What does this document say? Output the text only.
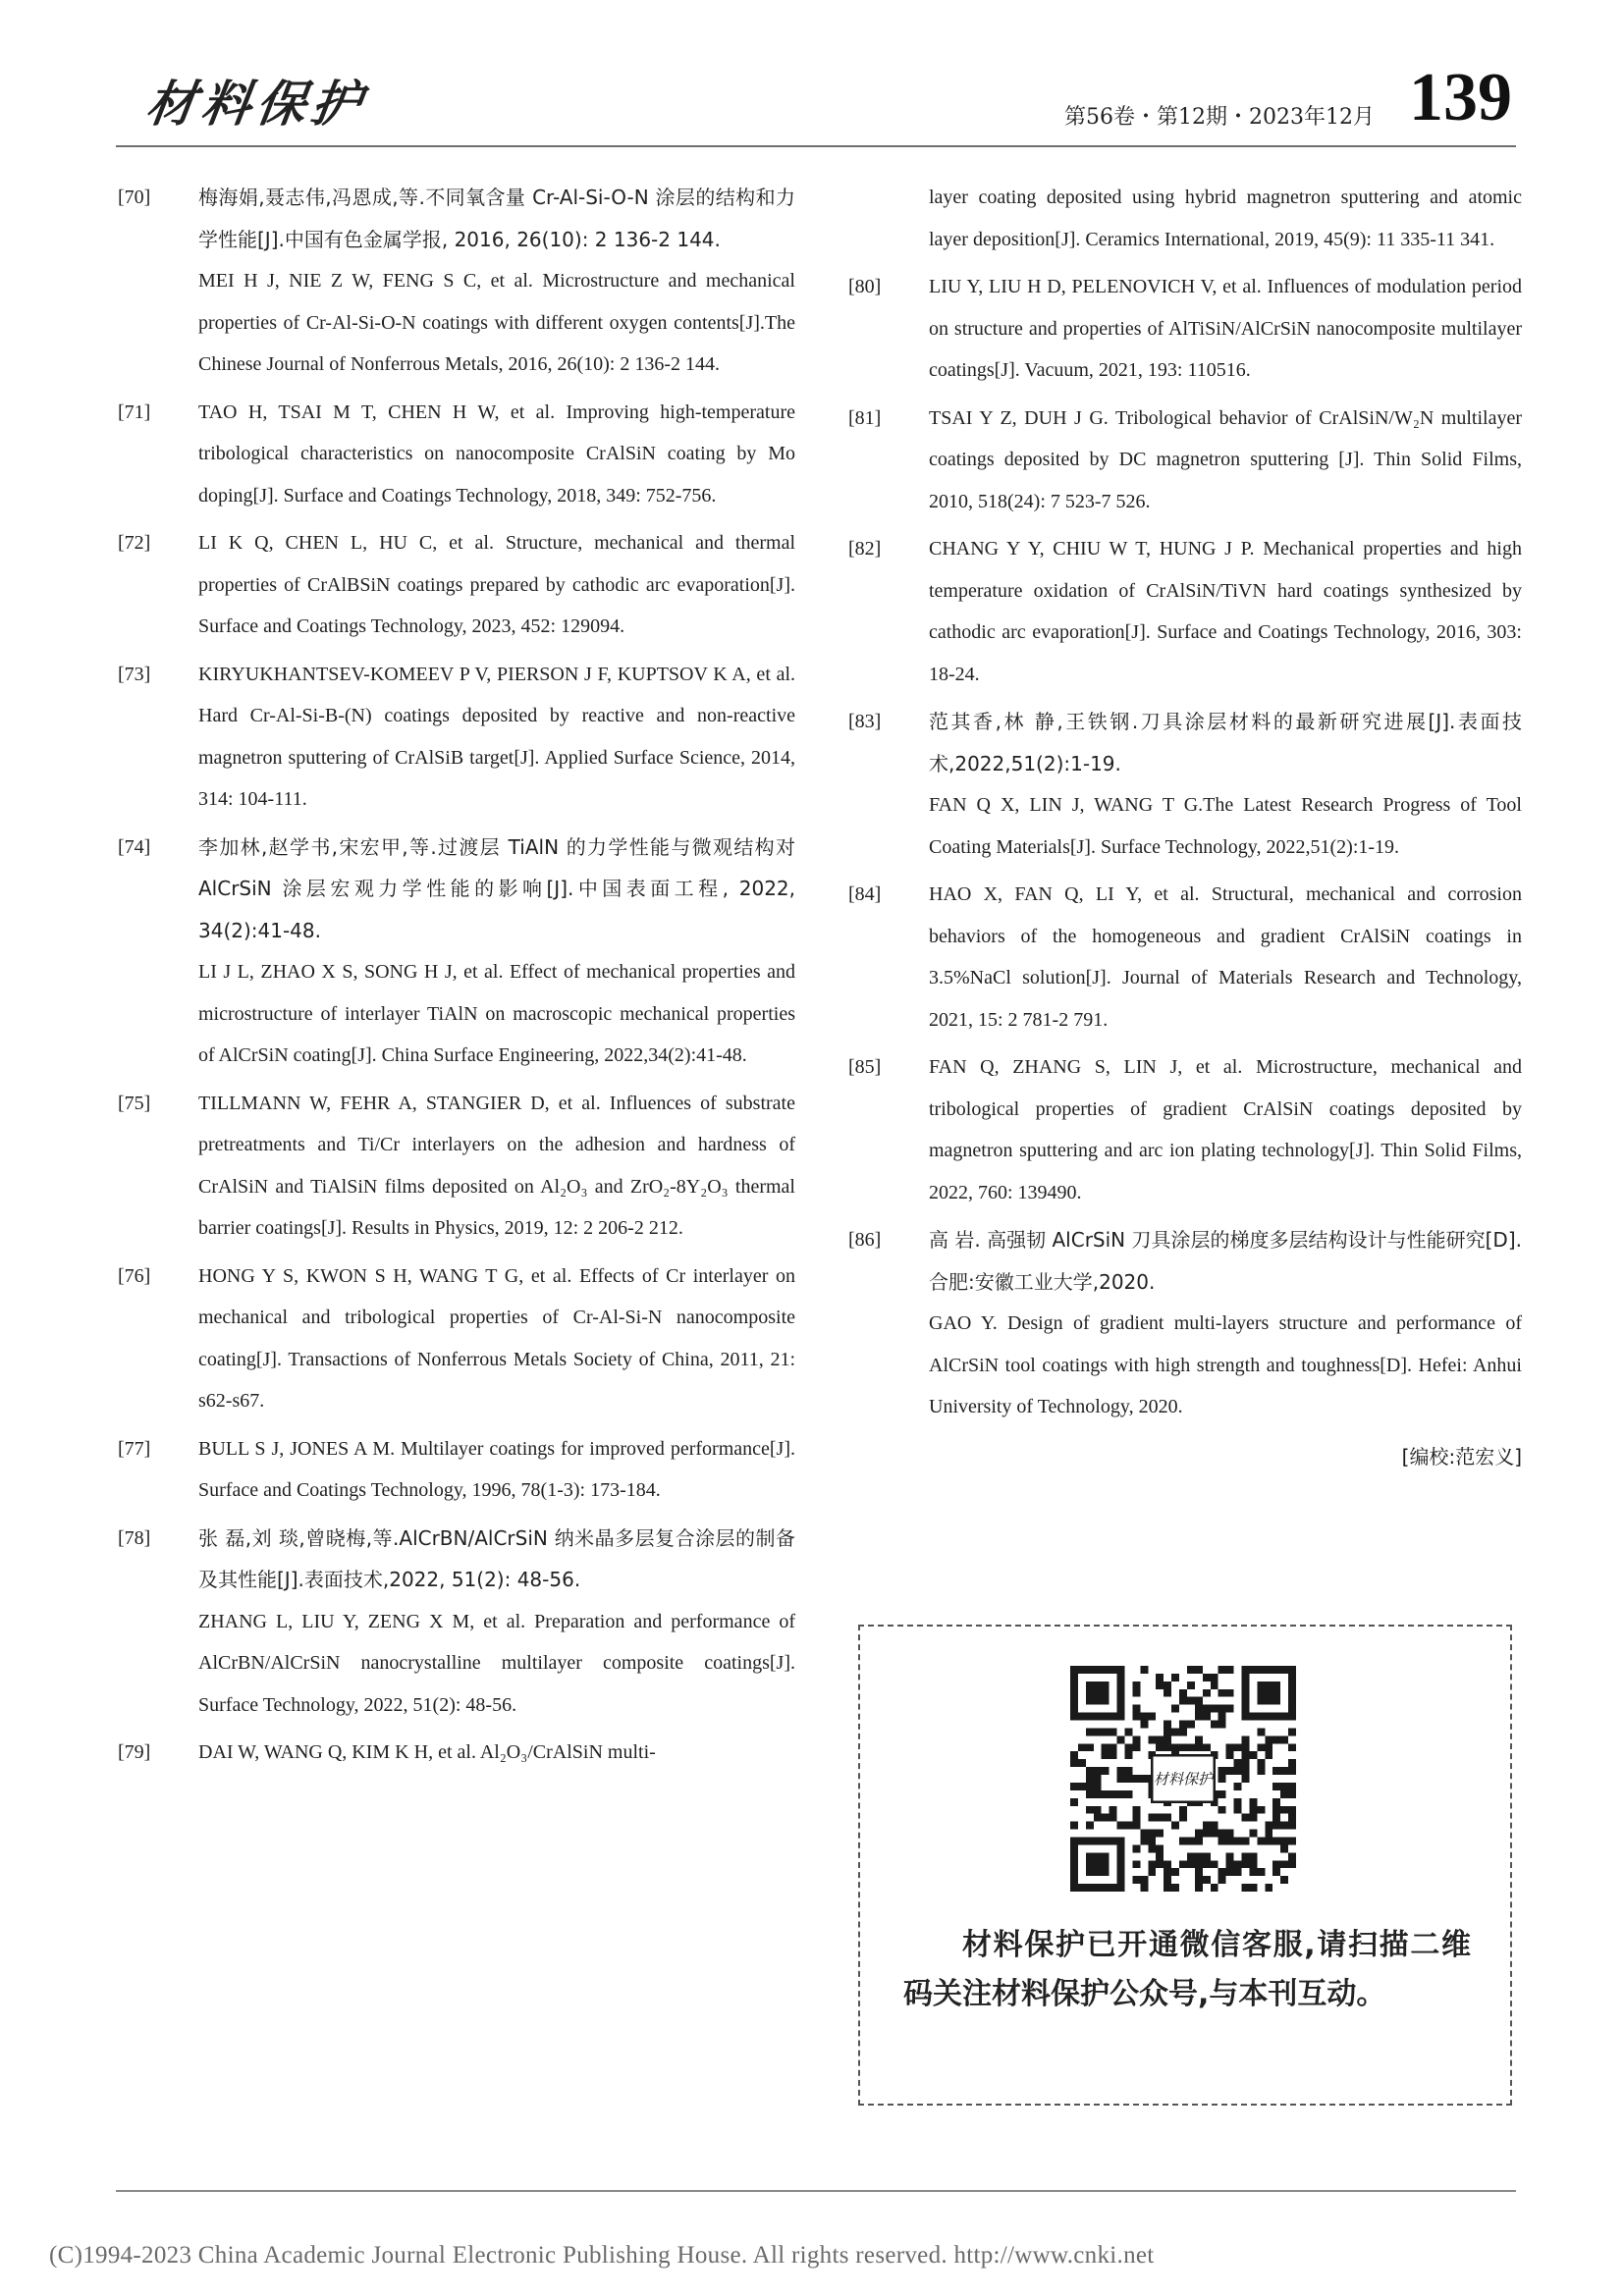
材料保护	第56卷・第12期・2023年12月 139
[70] 梅海娟,聂志伟,冯恩成,等.不同氧含量 Cr-Al-Si-O-N 涂层的结构和力学性能[J].中国有色金属学报, 2016, 26(10): 2 136-2 144.
MEI H J, NIE Z W, FENG S C, et al. Microstructure and mechanical properties of Cr-Al-Si-O-N coatings with different oxygen contents[J].The Chinese Journal of Nonferrous Metals, 2016, 26(10): 2 136-2 144.
[71] TAO H, TSAI M T, CHEN H W, et al. Improving high-temperature tribological characteristics on nanocomposite CrAlSiN coating by Mo doping[J]. Surface and Coatings Technology, 2018, 349: 752-756.
[72] LI K Q, CHEN L, HU C, et al. Structure, mechanical and thermal properties of CrAlBSiN coatings prepared by cathodic arc evaporation[J]. Surface and Coatings Technology, 2023, 452: 129094.
[73] KIRYUKHANTSEV-KOMEEV P V, PIERSON J F, KUPTSOV K A, et al. Hard Cr-Al-Si-B-(N) coatings deposited by reactive and non-reactive magnetron sputtering of CrAlSiB target[J]. Applied Surface Science, 2014, 314: 104-111.
[74] 李加林,赵学书,宋宏甲,等.过渡层 TiAlN 的力学性能与微观结构对 AlCrSiN 涂层宏观力学性能的影响[J].中国表面工程, 2022, 34(2):41-48.
LI J L, ZHAO X S, SONG H J, et al. Effect of mechanical properties and microstructure of interlayer TiAlN on macroscopic mechanical properties of AlCrSiN coating[J]. China Surface Engineering, 2022,34(2):41-48.
[75] TILLMANN W, FEHR A, STANGIER D, et al. Influences of substrate pretreatments and Ti/Cr interlayers on the adhesion and hardness of CrAlSiN and TiAlSiN films deposited on Al₂O₃ and ZrO₂-8Y₂O₃ thermal barrier coatings[J]. Results in Physics, 2019, 12: 2 206-2 212.
[76] HONG Y S, KWON S H, WANG T G, et al. Effects of Cr interlayer on mechanical and tribological properties of Cr-Al-Si-N nanocomposite coating[J]. Transactions of Nonferrous Metals Society of China, 2011, 21: s62-s67.
[77] BULL S J, JONES A M. Multilayer coatings for improved performance[J]. Surface and Coatings Technology, 1996, 78(1-3): 173-184.
[78] 张 磊,刘 琰,曾晓梅,等.AlCrBN/AlCrSiN 纳米晶多层复合涂层的制备及其性能[J].表面技术,2022, 51(2): 48-56.
ZHANG L, LIU Y, ZENG X M, et al. Preparation and performance of AlCrBN/AlCrSiN nanocrystalline multilayer composite coatings[J]. Surface Technology, 2022, 51(2): 48-56.
[79] DAI W, WANG Q, KIM K H, et al. Al₂O₃/CrAlSiN multi-
layer coating deposited using hybrid magnetron sputtering and atomic layer deposition[J]. Ceramics International, 2019, 45(9): 11 335-11 341.
[80] LIU Y, LIU H D, PELENOVICH V, et al. Influences of modulation period on structure and properties of AlTiSiN/AlCrSiN nanocomposite multilayer coatings[J]. Vacuum, 2021, 193: 110516.
[81] TSAI Y Z, DUH J G. Tribological behavior of CrAlSiN/W₂N multilayer coatings deposited by DC magnetron sputtering [J]. Thin Solid Films, 2010, 518(24): 7 523-7 526.
[82] CHANG Y Y, CHIU W T, HUNG J P. Mechanical properties and high temperature oxidation of CrAlSiN/TiVN hard coatings synthesized by cathodic arc evaporation[J]. Surface and Coatings Technology, 2016, 303: 18-24.
[83] 范其香,林 静,王铁钢.刀具涂层材料的最新研究进展[J].表面技术,2022,51(2):1-19.
FAN Q X, LIN J, WANG T G.The Latest Research Progress of Tool Coating Materials[J]. Surface Technology, 2022,51(2):1-19.
[84] HAO X, FAN Q, LI Y, et al. Structural, mechanical and corrosion behaviors of the homogeneous and gradient CrAlSiN coatings in 3.5%NaCl solution[J]. Journal of Materials Research and Technology, 2021, 15: 2 781-2 791.
[85] FAN Q, ZHANG S, LIN J, et al. Microstructure, mechanical and tribological properties of gradient CrAlSiN coatings deposited by magnetron sputtering and arc ion plating technology[J]. Thin Solid Films, 2022, 760: 139490.
[86] 高 岩. 高强韧 AlCrSiN 刀具涂层的梯度多层结构设计与性能研究[D]. 合肥:安徽工业大学,2020.
GAO Y. Design of gradient multi-layers structure and performance of AlCrSiN tool coatings with high strength and toughness[D]. Hefei: Anhui University of Technology, 2020.
[编校:范宏义]
材料保护
材料保护已开通微信客服,请扫描二维码关注材料保护公众号,与本刊互动。
(C)1994-2023 China Academic Journal Electronic Publishing House. All rights reserved. http://www.cnki.net
